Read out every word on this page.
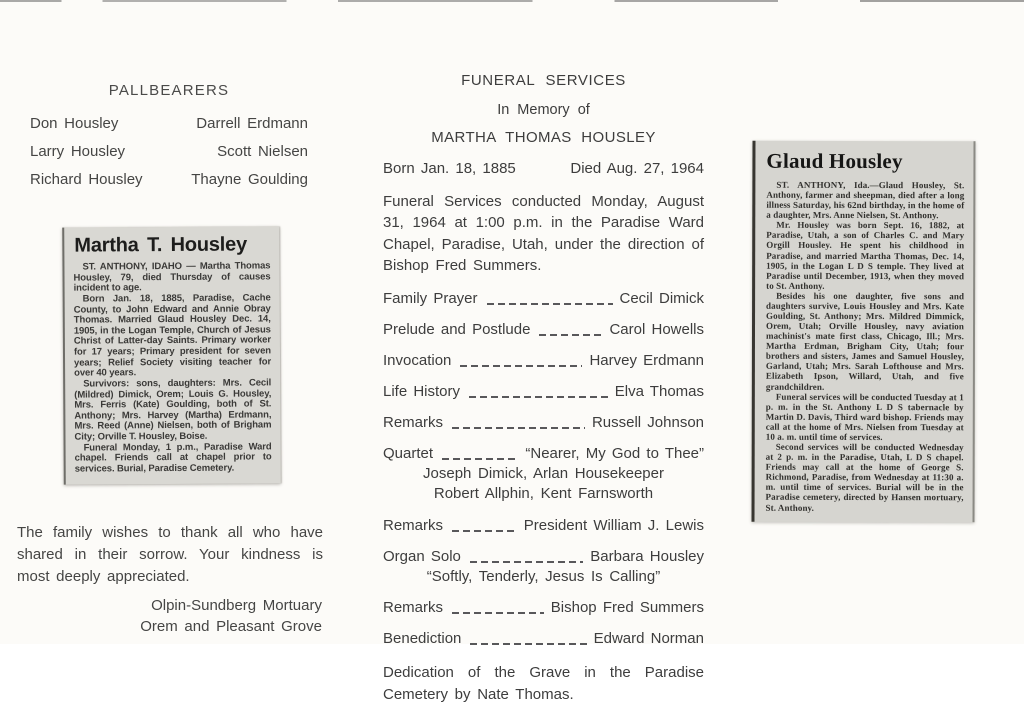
PALLBEARERS
Don Housley	Darrell Erdmann
Larry Housley	Scott Nielsen
Richard Housley	Thayne Goulding
Martha T. Housley

ST. ANTHONY, IDAHO — Martha Thomas Housley, 79, died Thursday of causes incident to age.

Born Jan. 18, 1885, Paradise, Cache County, to John Edward and Annie Obray Thomas. Married Glaud Housley Dec. 14, 1905, in the Logan Temple, Church of Jesus Christ of Latter-day Saints. Primary worker for 17 years; Primary president for seven years; Relief Society visiting teacher for over 40 years.

Survivors: sons, daughters: Mrs. Cecil (Mildred) Dimick, Orem; Louis G. Housley, Mrs. Ferris (Kate) Goulding, both of St. Anthony; Mrs. Harvey (Martha) Erdmann, Mrs. Reed (Anne) Nielsen, both of Brigham City; Orville T. Housley, Boise.

Funeral Monday, 1 p.m., Paradise Ward chapel. Friends call at chapel prior to services. Burial, Paradise Cemetery.

The family wishes to thank all who have shared in their sorrow. Your kindness is most deeply appreciated.

Olpin-Sundberg Mortuary
Orem and Pleasant Grove
FUNERAL SERVICES
In Memory of
MARTHA THOMAS HOUSLEY
Born Jan. 18, 1885	Died Aug. 27, 1964

Funeral Services conducted Monday, August 31, 1964 at 1:00 p.m. in the Paradise Ward Chapel, Paradise, Utah, under the direction of Bishop Fred Summers.

Family Prayer	Cecil Dimick
Prelude and Postlude	Carol Howells
Invocation	Harvey Erdmann
Life History	Elva Thomas
Remarks	Russell Johnson
Quartet	“Nearer, My God to Thee”
Joseph Dimick, Arlan Housekeeper
Robert Allphin, Kent Farnsworth
Remarks	President William J. Lewis
Organ Solo	Barbara Housley
“Softly, Tenderly, Jesus Is Calling”
Remarks	Bishop Fred Summers
Benediction	Edward Norman

Dedication of the Grave in the Paradise Cemetery by Nate Thomas.

Glaud Housley

ST. ANTHONY, Ida.—Glaud Housley, St. Anthony, farmer and sheepman, died after a long illness Saturday, his 62nd birthday, in the home of a daughter, Mrs. Anne Nielsen, St. Anthony.

Mr. Housley was born Sept. 16, 1882, at Paradise, Utah, a son of Charles C. and Mary Orgill Housley. He spent his childhood in Paradise, and married Martha Thomas, Dec. 14, 1905, in the Logan L D S temple. They lived at Paradise until December, 1913, when they moved to St. Anthony.

Besides his one daughter, five sons and daughters survive, Louis Housley and Mrs. Kate Goulding, St. Anthony; Mrs. Mildred Dimmick, Orem, Utah; Orville Housley, navy aviation machinist's mate first class, Chicago, Ill.; Mrs. Martha Erdman, Brigham City, Utah; four brothers and sisters, James and Samuel Housley, Garland, Utah; Mrs. Sarah Lofthouse and Mrs. Elizabeth Ipson, Willard, Utah, and five grandchildren.

Funeral services will be conducted Tuesday at 1 p. m. in the St. Anthony L D S tabernacle by Martin D. Davis, Third ward bishop. Friends may call at the home of Mrs. Nielsen from Tuesday at 10 a. m. until time of services.

Second services will be conducted Wednesday at 2 p. m. in the Paradise, Utah, L D S chapel. Friends may call at the home of George S. Richmond, Paradise, from Wednesday at 11:30 a. m. until time of services. Burial will be in the Paradise cemetery, directed by Hansen mortuary, St. Anthony.
